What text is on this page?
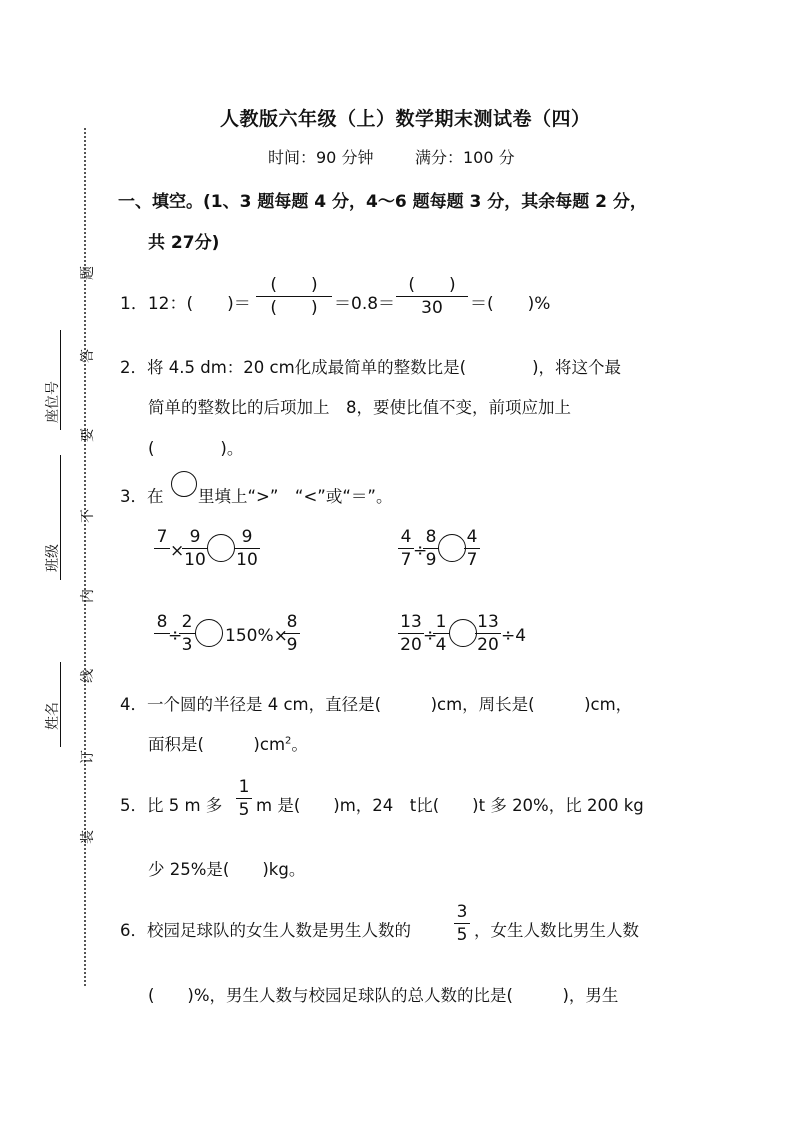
题
答
要
不
内
线
订
装
座位号
班级
姓名
人教版六年级（上）数学期末测试卷（四）
时间：90 分钟	满分：100 分
一、填空。(1、3 题每题 4 分，4～6 题每题 3 分，其余每题 2 分，
共 27分)
1．12：(　　)＝
(　　)
(　　) ＝0.8＝
(　　)
30	＝(　　)%
2．将 4.5 dm：20 cm化成最简单的整数比是(　　　　)，将这个最
简单的整数比的后项加上　8，要使比值不变，前项应加上
(　　　　)。
3．在 里填上“>”　“<”或“＝”。
7

×
9
10
9
10
4
7 ÷
8
9
4
7
8

÷
2
3 150%×
8
9
13
20 ÷
1
4
13
20 ÷4
4．一个圆的半径是 4 cm，直径是(　　　)cm，周长是(　　　)cm，
面积是(　　　)$cm^2$。
5．比 5 m 多
1
5 m 是(　　)m，24　t比(　　)t 多 20%，比 200 kg
少 25%是(　　)kg。
6．校园足球队的女生人数是男生人数的
3
5 ，女生人数比男生人数
(　　)%，男生人数与校园足球队的总人数的比是(　　　)，男生
